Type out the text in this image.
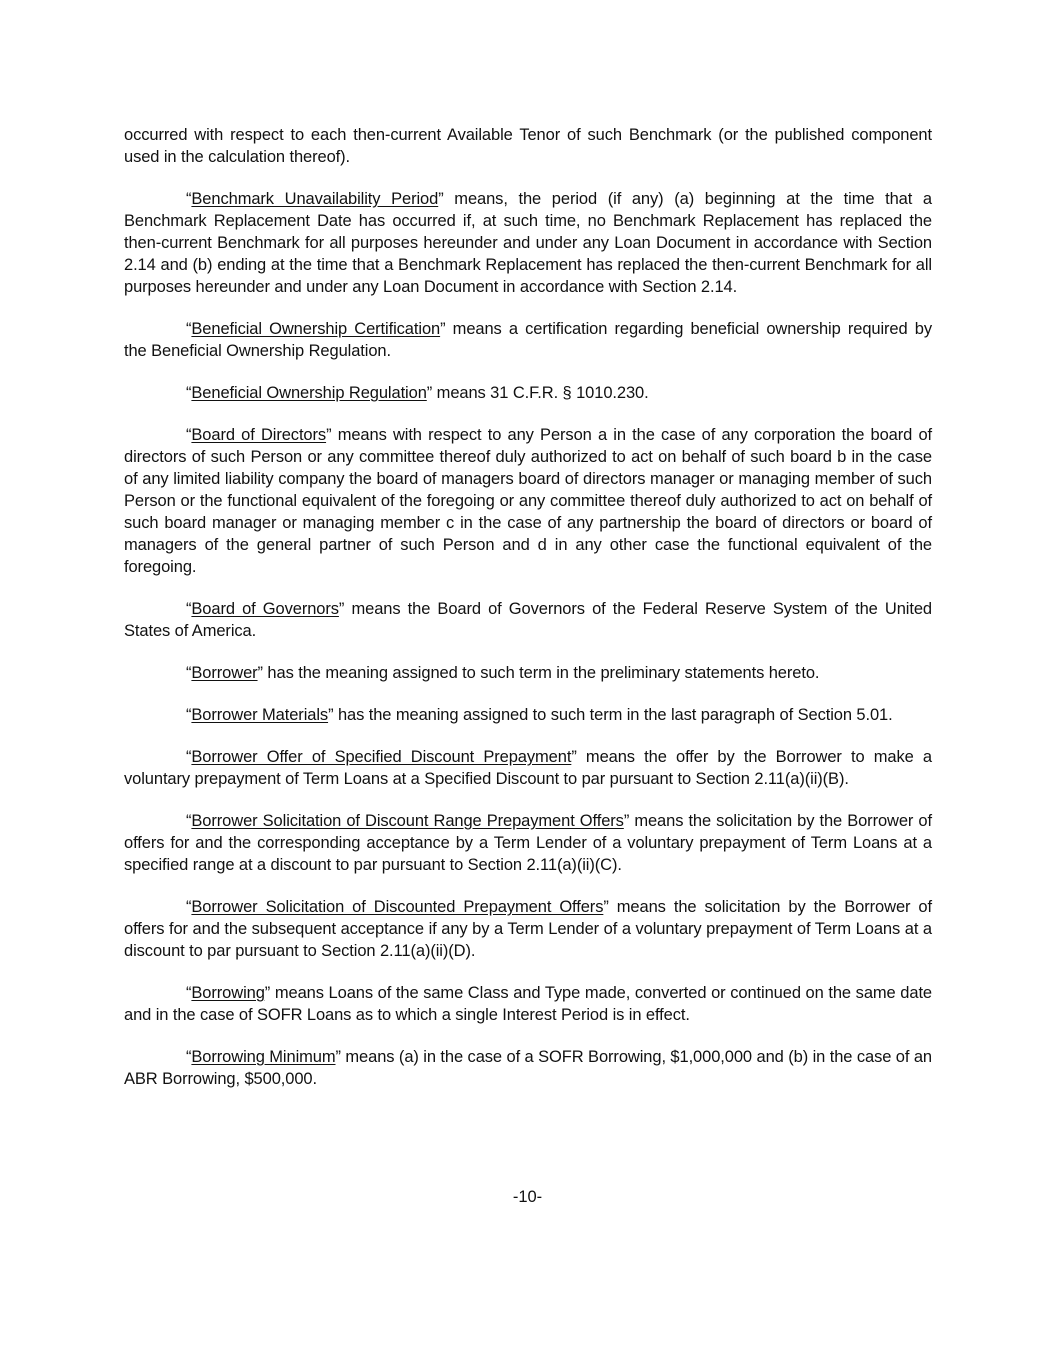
occurred with respect to each then-current Available Tenor of such Benchmark (or the published component used in the calculation thereof).

“Benchmark Unavailability Period” means, the period (if any) (a) beginning at the time that a Benchmark Replacement Date has occurred if, at such time, no Benchmark Replacement has replaced the then-current Benchmark for all purposes hereunder and under any Loan Document in accordance with Section 2.14 and (b) ending at the time that a Benchmark Replacement has replaced the then-current Benchmark for all purposes hereunder and under any Loan Document in accordance with Section 2.14.

“Beneficial Ownership Certification” means a certification regarding beneficial ownership required by the Beneficial Ownership Regulation.

“Beneficial Ownership Regulation” means 31 C.F.R. § 1010.230.

“Board of Directors” means with respect to any Person a in the case of any corporation the board of directors of such Person or any committee thereof duly authorized to act on behalf of such board b in the case of any limited liability company the board of managers board of directors manager or managing member of such Person or the functional equivalent of the foregoing or any committee thereof duly authorized to act on behalf of such board manager or managing member c in the case of any partnership the board of directors or board of managers of the general partner of such Person and d in any other case the functional equivalent of the foregoing.

“Board of Governors” means the Board of Governors of the Federal Reserve System of the United States of America.

“Borrower” has the meaning assigned to such term in the preliminary statements hereto.

“Borrower Materials” has the meaning assigned to such term in the last paragraph of Section 5.01.

“Borrower Offer of Specified Discount Prepayment” means the offer by the Borrower to make a voluntary prepayment of Term Loans at a Specified Discount to par pursuant to Section 2.11(a)(ii)(B).

“Borrower Solicitation of Discount Range Prepayment Offers” means the solicitation by the Borrower of offers for and the corresponding acceptance by a Term Lender of a voluntary prepayment of Term Loans at a specified range at a discount to par pursuant to Section 2.11(a)(ii)(C).

“Borrower Solicitation of Discounted Prepayment Offers” means the solicitation by the Borrower of offers for and the subsequent acceptance if any by a Term Lender of a voluntary prepayment of Term Loans at a discount to par pursuant to Section 2.11(a)(ii)(D).

“Borrowing” means Loans of the same Class and Type made, converted or continued on the same date and in the case of SOFR Loans as to which a single Interest Period is in effect.

“Borrowing Minimum” means (a) in the case of a SOFR Borrowing, $1,000,000 and (b) in the case of an ABR Borrowing, $500,000.

-10-
